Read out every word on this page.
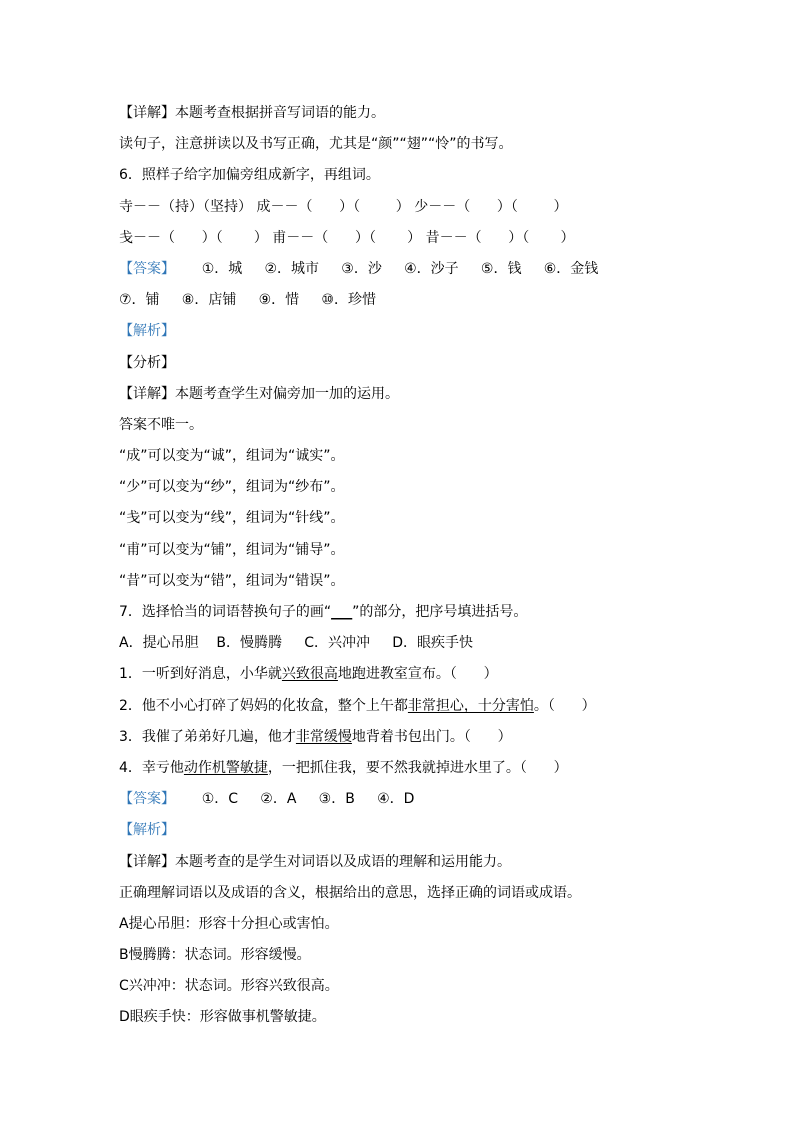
【详解】本题考查根据拼音写词语的能力。
读句子，注意拼读以及书写正确，尤其是“颜”“翅”“怜”的书写。
6．照样子给字加偏旁组成新字，再组词。
寺－－（持）（坚持） 成－－（      ）（        ） 少－－（      ）（        ）
戋－－（      ）（       ） 甫－－（      ）（       ） 昔－－（      ）（       ）
【答案】      ①．城     ②．城市     ③．沙     ④．沙子     ⑤．钱     ⑥．金钱
⑦．铺     ⑧．店铺     ⑨．惜     ⑩．珍惜
【解析】
【分析】
【详解】本题考查学生对偏旁加一加的运用。
答案不唯一。
“成”可以变为“诚”，组词为“诚实”。
“少”可以变为“纱”，组词为“纱布”。
“戋”可以变为“线”，组词为“针线”。
“甫”可以变为“铺”，组词为“铺导”。
“昔”可以变为“错”，组词为“错误”。
7．选择恰当的词语替换句子的画“___”的部分，把序号填进括号。
A．提心吊胆    B．慢腾腾     C．兴冲冲     D．眼疾手快
1．一听到好消息，小华就兴致很高地跑进教室宣布。（      ）
2．他不小心打碎了妈妈的化妆盒，整个上午都非常担心，十分害怕。（      ）
3．我催了弟弟好几遍，他才非常缓慢地背着书包出门。（      ）
4．幸亏他动作机警敏捷，一把抓住我，要不然我就掉进水里了。（      ）
【答案】      ①．C     ②．A     ③．B     ④．D
【解析】
【详解】本题考查的是学生对词语以及成语的理解和运用能力。
正确理解词语以及成语的含义，根据给出的意思，选择正确的词语或成语。
A提心吊胆：形容十分担心或害怕。
B慢腾腾：状态词。形容缓慢。
C兴冲冲：状态词。形容兴致很高。
D眼疾手快：形容做事机警敏捷。
